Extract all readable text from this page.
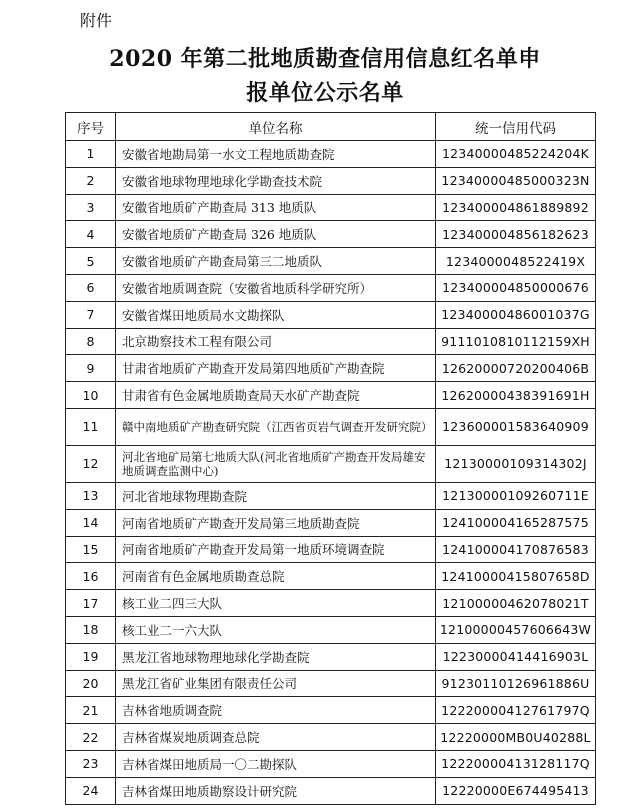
附件
2020 年第二批地质勘查信用信息红名单申
报单位公示名单
序号	单位名称	统一信用代码
1	安徽省地勘局第一水文工程地质勘查院	12340000485224204K
2	安徽省地球物理地球化学勘查技术院	12340000485000323N
3	安徽省地质矿产勘查局 313 地质队	123400004861889892
4	安徽省地质矿产勘查局 326 地质队	123400004856182623
5	安徽省地质矿产勘查局第三二地质队	1234000048522419X
6	安徽省地质调查院（安徽省地质科学研究所）	123400004850000676
7	安徽省煤田地质局水文勘探队	12340000486001037G
8	北京勘察技术工程有限公司	9111010810112159XH
9	甘肃省地质矿产勘查开发局第四地质矿产勘查院	12620000720200406B
10	甘肃省有色金属地质勘查局天水矿产勘查院	12620000438391691H
11	赣中南地质矿产勘查研究院（江西省页岩气调查开发研究院）	123600001583640909
12	河北省地矿局第七地质大队(河北省地质矿产勘查开发局雄安地质调查监测中心)	12130000109314302J
13	河北省地球物理勘查院	12130000109260711E
14	河南省地质矿产勘查开发局第三地质勘查院	124100004165287575
15	河南省地质矿产勘查开发局第一地质环境调查院	124100004170876583
16	河南省有色金属地质勘查总院	12410000415807658D
17	核工业二四三大队	12100000462078021T
18	核工业二一六大队	12100000457606643W
19	黑龙江省地球物理地球化学勘查院	12230000414416903L
20	黑龙江省矿业集团有限责任公司	91230110126961886U
21	吉林省地质调查院	12220000412761797Q
22	吉林省煤炭地质调查总院	12220000MB0U40288L
23	吉林省煤田地质局一〇二勘探队	12220000413128117Q
24	吉林省煤田地质勘察设计研究院	12220000E674495413
